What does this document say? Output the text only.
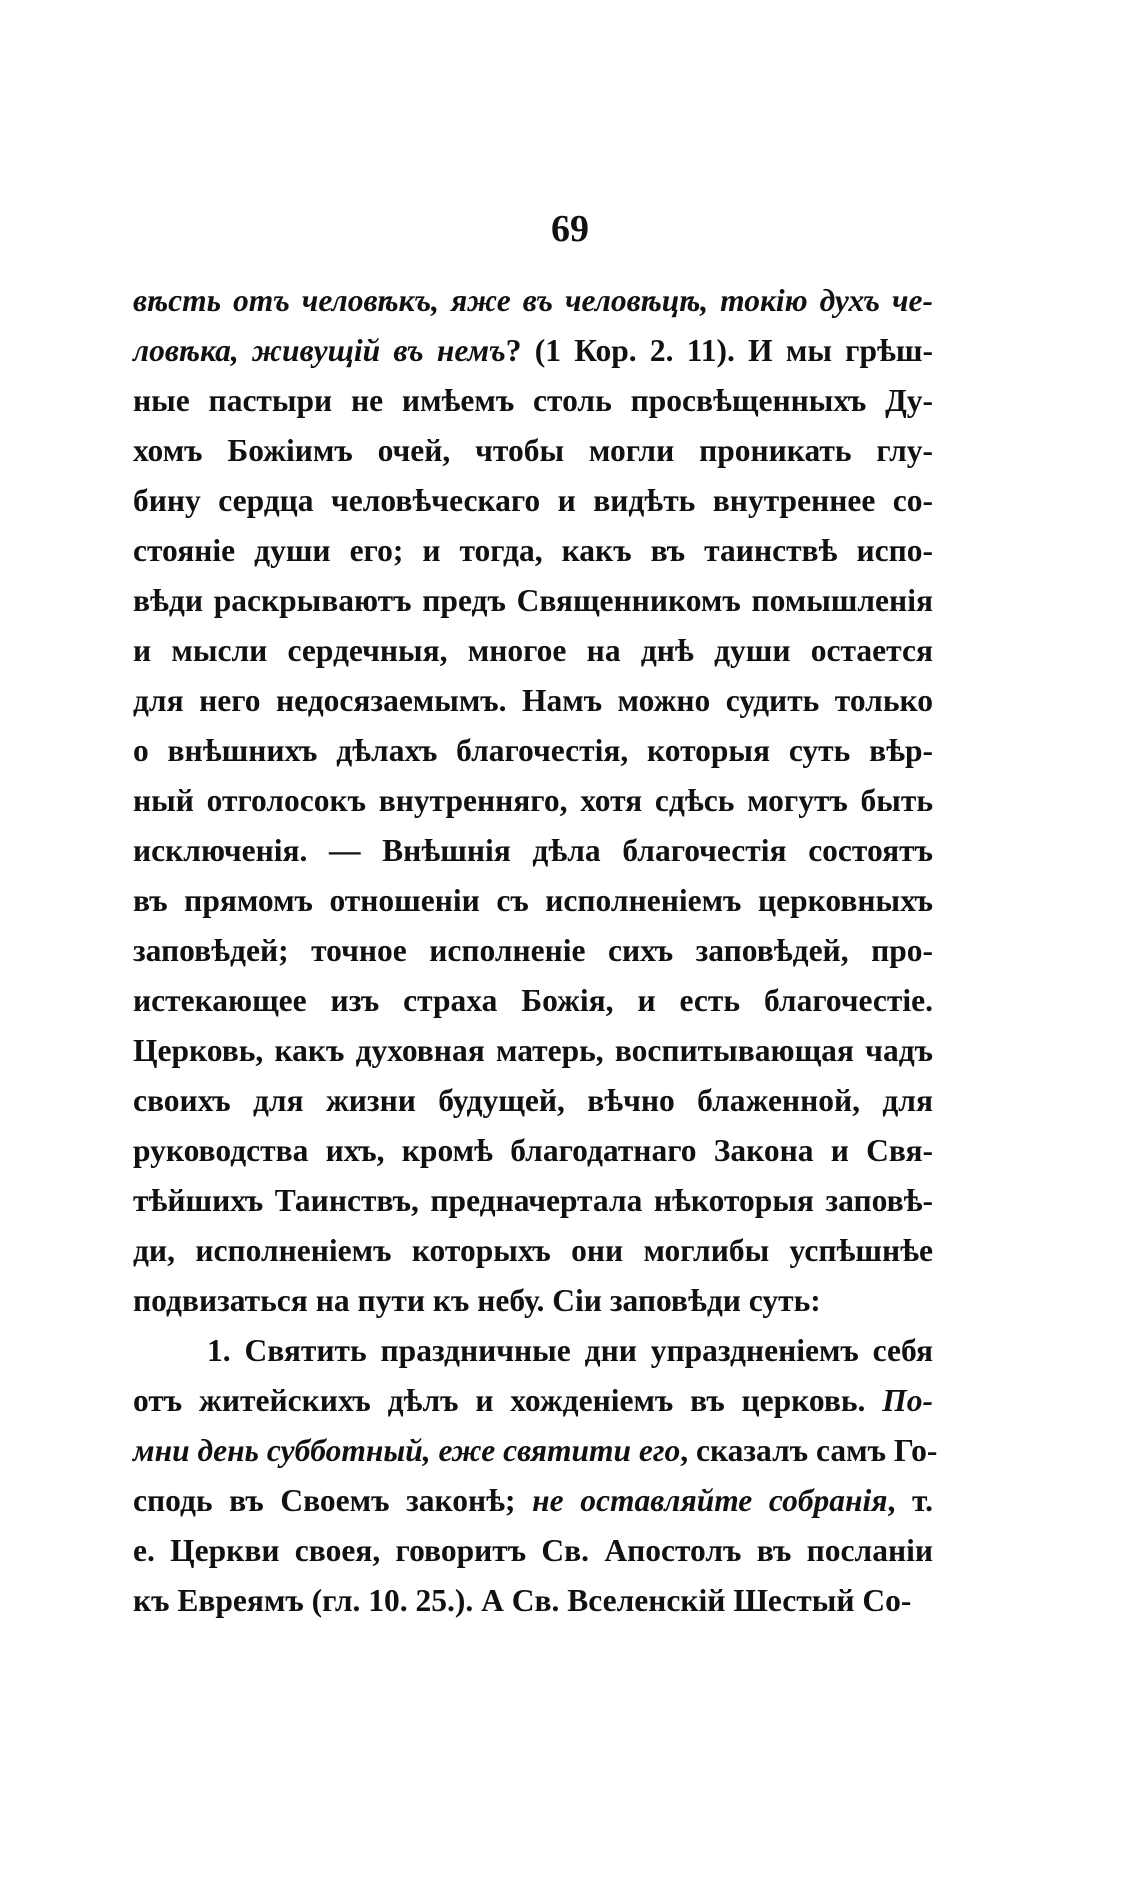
69
вѣсть отъ человѣкъ, яже въ человѣцѣ, токію духъ че-
ловѣка, живущій въ немъ? (1 Кор. 2. 11). И мы грѣш-
ные пастыри не имѣемъ столь просвѣщенныхъ Ду-
хомъ Божіимъ очей, чтобы могли проникать глу-
бину сердца человѣческаго и видѣть внутреннее со-
стояніе души его; и тогда, какъ въ таинствѣ испо-
вѣди раскрываютъ предъ Священникомъ помышленія
и мысли сердечныя, многое на днѣ души остается
для него недосязаемымъ. Намъ можно судить только
о внѣшнихъ дѣлахъ благочестія, которыя суть вѣр-
ный отголосокъ внутренняго, хотя сдѣсь могутъ быть
исключенія. — Внѣшнія дѣла благочестія состоятъ
въ прямомъ отношеніи съ исполненіемъ церковныхъ
заповѣдей; точное исполненіе сихъ заповѣдей, про-
истекающее изъ страха Божія, и есть благочестіе.
Церковь, какъ духовная матерь, воспитывающая чадъ
своихъ для жизни будущей, вѣчно блаженной, для
руководства ихъ, кромѣ благодатнаго Закона и Свя-
тѣйшихъ Таинствъ, предначертала нѣкоторыя заповѣ-
ди, исполненіемъ которыхъ они моглибы успѣшнѣе
подвизаться на пути къ небу. Сіи заповѣди суть:
1. Святить праздничные дни упраздненіемъ себя
отъ житейскихъ дѣлъ и хожденіемъ въ церковь. По-
мни день субботный, еже святити его, сказалъ самъ Го-
сподь въ Своемъ законѣ; не оставляйте собранія, т.
е. Церкви своея, говоритъ Св. Апостолъ въ посланіи
къ Евреямъ (гл. 10. 25.). А Св. Вселенскій Шестый Со-
